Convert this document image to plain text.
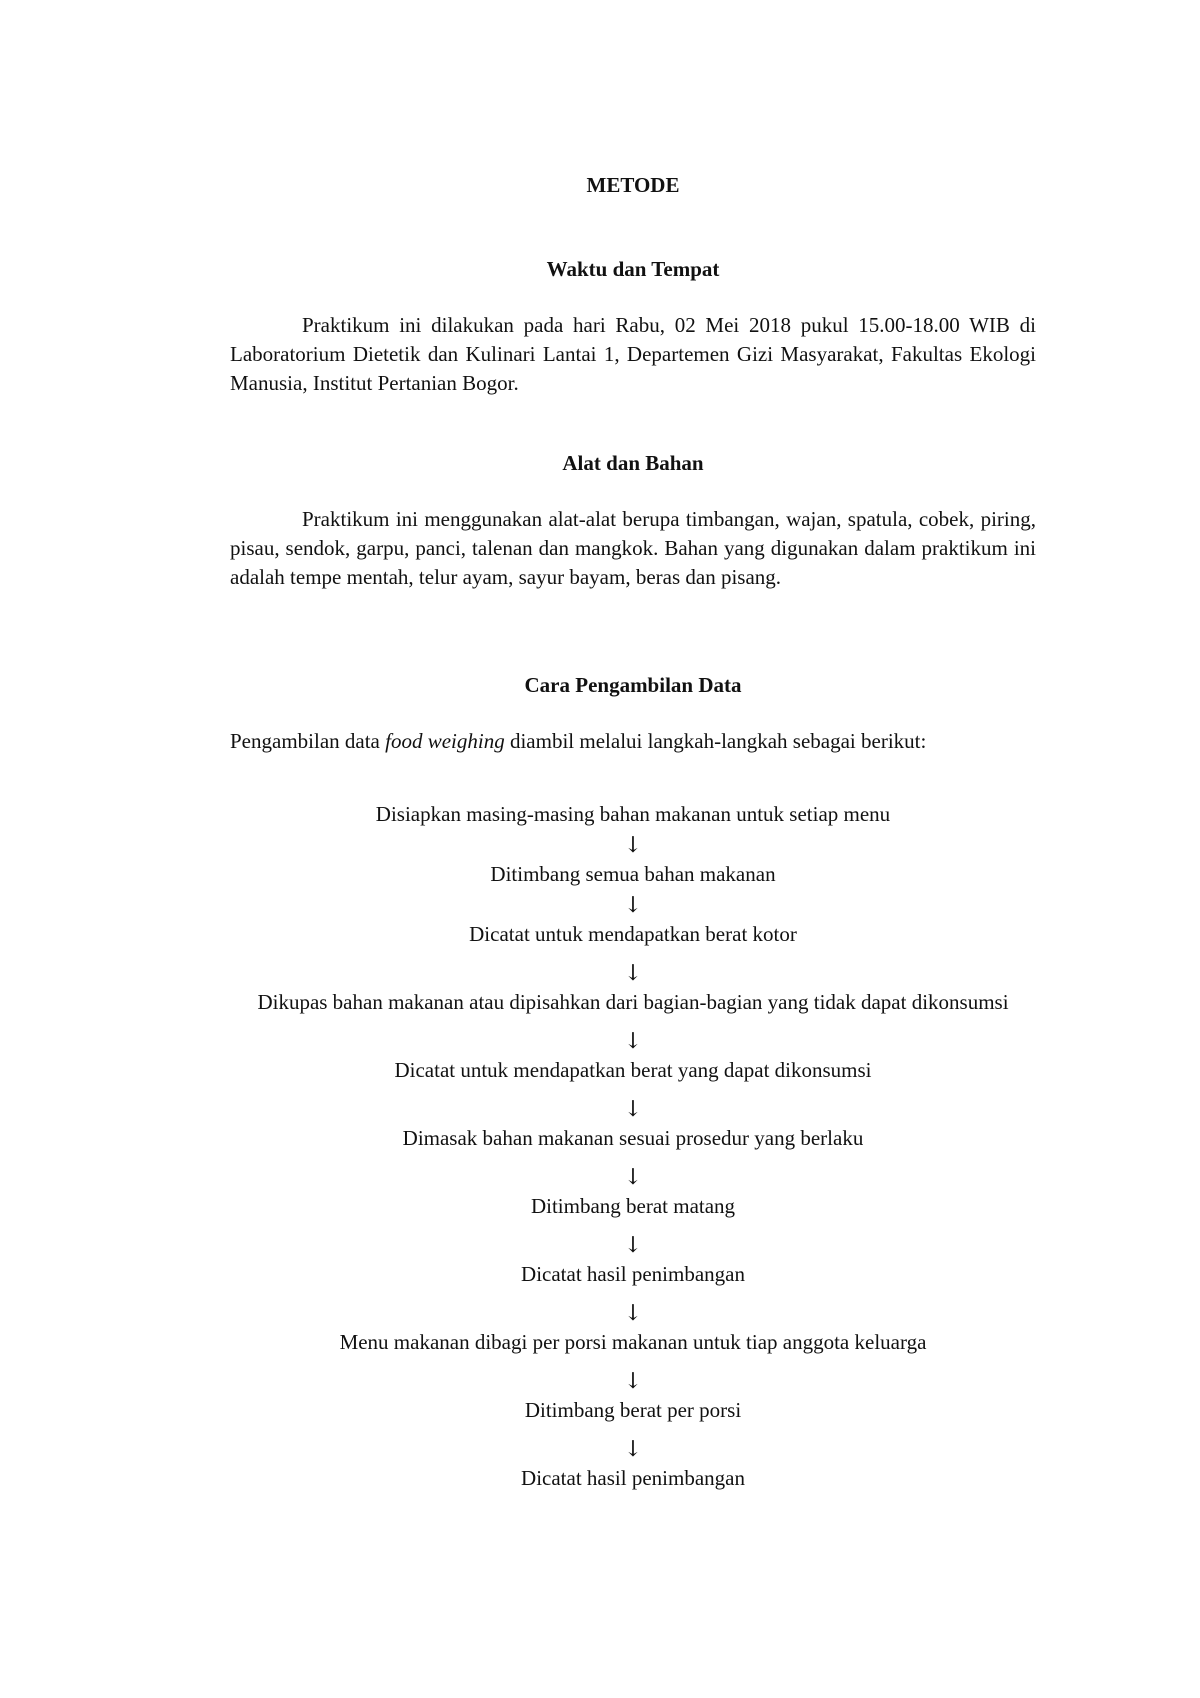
METODE
Waktu dan Tempat
Praktikum ini dilakukan pada hari Rabu, 02 Mei 2018 pukul 15.00-18.00 WIB di Laboratorium Dietetik dan Kulinari Lantai 1, Departemen Gizi Masyarakat, Fakultas Ekologi Manusia, Institut Pertanian Bogor.
Alat dan Bahan
Praktikum ini menggunakan alat-alat berupa timbangan, wajan, spatula, cobek, piring, pisau, sendok, garpu, panci, talenan dan mangkok. Bahan yang digunakan dalam praktikum ini adalah tempe mentah, telur ayam, sayur bayam, beras dan pisang.
Cara Pengambilan Data
Pengambilan data food weighing diambil melalui langkah-langkah sebagai berikut:
Disiapkan masing-masing bahan makanan untuk setiap menu
↓
Ditimbang semua bahan makanan
↓
Dicatat untuk mendapatkan berat kotor
↓
Dikupas bahan makanan atau dipisahkan dari bagian-bagian yang tidak dapat dikonsumsi
↓
Dicatat untuk mendapatkan berat yang dapat dikonsumsi
↓
Dimasak bahan makanan sesuai prosedur yang berlaku
↓
Ditimbang berat matang
↓
Dicatat hasil penimbangan
↓
Menu makanan dibagi per porsi makanan untuk tiap anggota keluarga
↓
Ditimbang berat per porsi
↓
Dicatat hasil penimbangan
